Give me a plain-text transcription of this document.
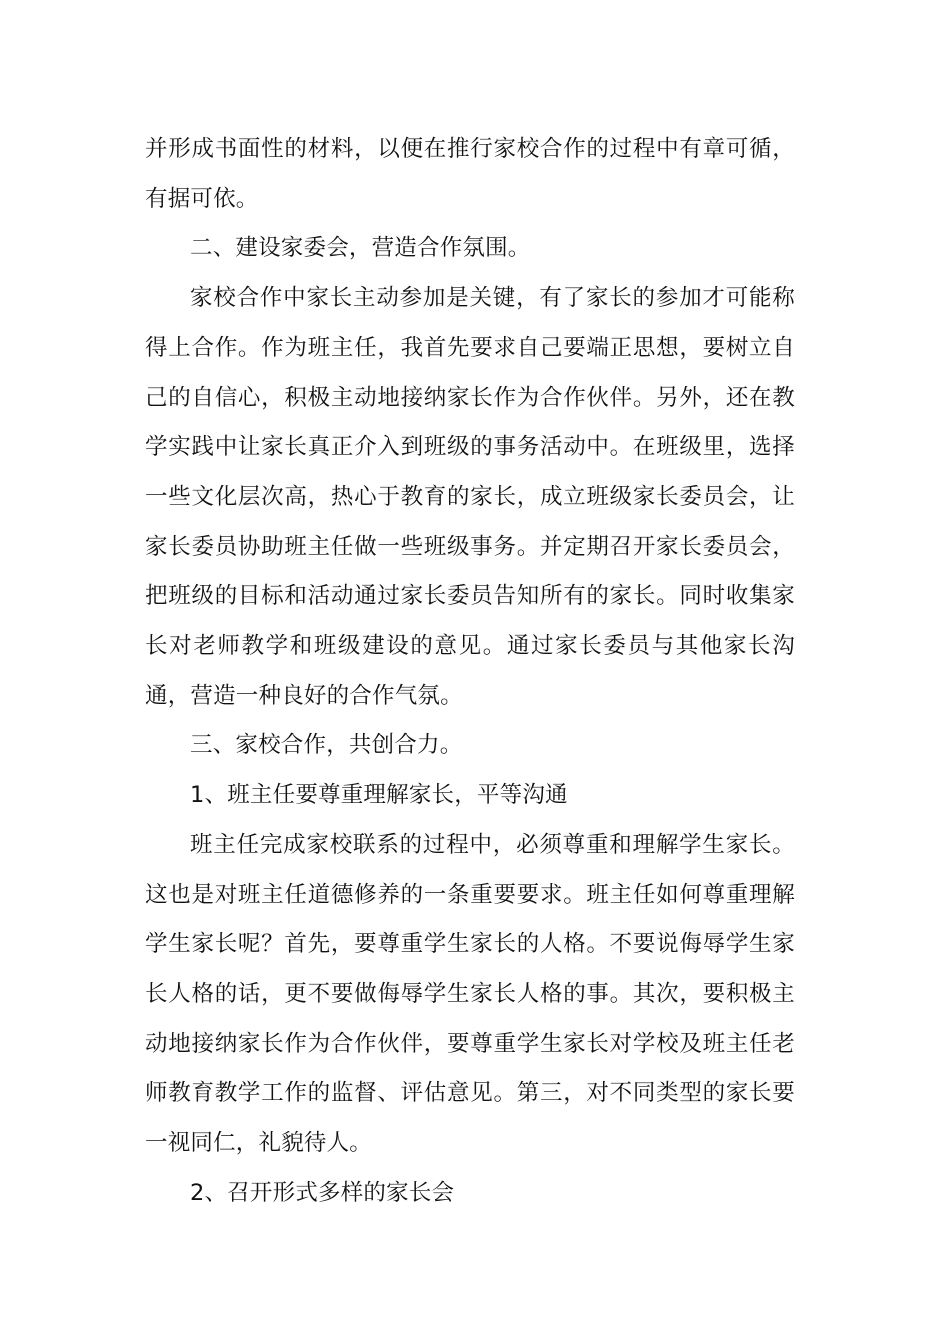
并形成书面性的材料，以便在推行家校合作的过程中有章可循，有据可依。

二、建设家委会，营造合作氛围。

家校合作中家长主动参加是关键，有了家长的参加才可能称得上合作。作为班主任，我首先要求自己要端正思想，要树立自己的自信心，积极主动地接纳家长作为合作伙伴。另外，还在教学实践中让家长真正介入到班级的事务活动中。在班级里，选择一些文化层次高，热心于教育的家长，成立班级家长委员会，让家长委员协助班主任做一些班级事务。并定期召开家长委员会，把班级的目标和活动通过家长委员告知所有的家长。同时收集家长对老师教学和班级建设的意见。通过家长委员与其他家长沟通，营造一种良好的合作气氛。

三、家校合作，共创合力。

1、班主任要尊重理解家长，平等沟通

班主任完成家校联系的过程中，必须尊重和理解学生家长。这也是对班主任道德修养的一条重要要求。班主任如何尊重理解学生家长呢？首先，要尊重学生家长的人格。不要说侮辱学生家长人格的话，更不要做侮辱学生家长人格的事。其次，要积极主动地接纳家长作为合作伙伴，要尊重学生家长对学校及班主任老师教育教学工作的监督、评估意见。第三，对不同类型的家长要一视同仁，礼貌待人。

2、召开形式多样的家长会
